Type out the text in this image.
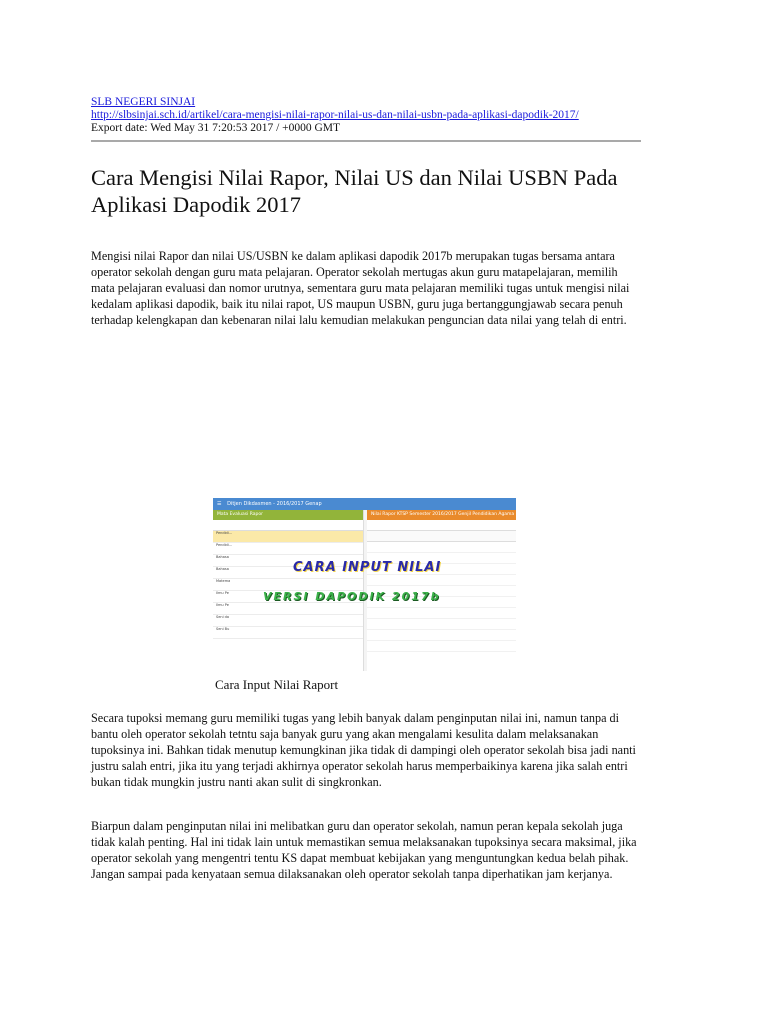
SLB NEGERI SINJAI
http://slbsinjai.sch.id/artikel/cara-mengisi-nilai-rapor-nilai-us-dan-nilai-usbn-pada-aplikasi-dapodik-2017/
Export date: Wed May 31 7:20:53 2017 / +0000 GMT
Cara Mengisi Nilai Rapor, Nilai US dan Nilai USBN Pada Aplikasi Dapodik 2017

Mengisi nilai Rapor dan nilai US/USBN ke dalam aplikasi dapodik 2017b merupakan tugas bersama antara operator sekolah dengan guru mata pelajaran. Operator sekolah mertugas akun guru matapelajaran, memilih mata pelajaran evaluasi dan nomor urutnya, sementara guru mata pelajaran memiliki tugas untuk mengisi nilai kedalam aplikasi dapodik, baik itu nilai rapot, US maupun USBN, guru juga bertanggungjawab secara penuh terhadap kelengkapan dan kebenaran nilai lalu kemudian melakukan penguncian data nilai yang telah di entri.

☰ Ditjen Dikdasmen - 2016/2017 Genap
Mata Evaluasi Rapor
Pendidi...
Pendidi...
Bahasa
Bahasa
Matema
Ilmu Pe
Ilmu Pe
Seni da
Seni Bu
Nilai Rapor KTSP Semester 2016/2017 Genjil Pendidikan Agama
CARA INPUT NILAI
VERSI DAPODIK 2017b
Cara Input Nilai Raport

Secara tupoksi memang guru memiliki tugas yang lebih banyak dalam penginputan nilai ini, namun tanpa di bantu oleh operator sekolah tetntu saja banyak guru yang akan mengalami kesulita dalam melaksanakan tupoksinya ini. Bahkan tidak menutup kemungkinan jika tidak di dampingi oleh operator sekolah bisa jadi nanti justru salah entri, jika itu yang terjadi akhirnya operator sekolah harus memperbaikinya karena jika salah entri bukan tidak mungkin justru nanti akan sulit di singkronkan.

Biarpun dalam penginputan nilai ini melibatkan guru dan operator sekolah, namun peran kepala sekolah juga tidak kalah penting. Hal ini tidak lain untuk memastikan semua melaksanakan tupoksinya secara maksimal, jika operator sekolah yang mengentri tentu KS dapat membuat kebijakan yang menguntungkan kedua belah pihak. Jangan sampai pada kenyataan semua dilaksanakan oleh operator sekolah tanpa diperhatikan jam kerjanya.
